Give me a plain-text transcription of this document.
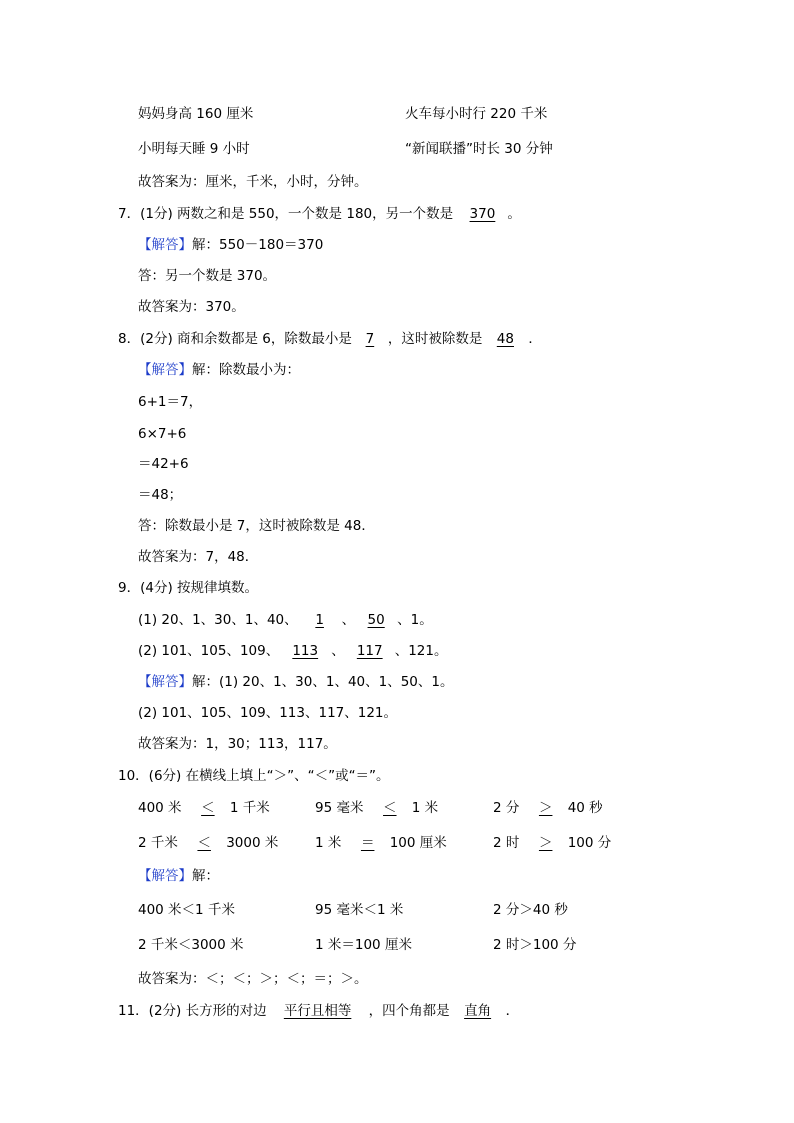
妈妈身高 160 厘米	火车每小时行 220 千米
小明每天睡 9 小时	“新闻联播”时长 30 分钟
故答案为：厘米，千米，小时，分钟。
7．(1分) 两数之和是 550，一个数是 180，另一个数是 370 。
【解答】解：550－180＝370
答：另一个数是 370。
故答案为：370。
8．(2分) 商和余数都是 6，除数最小是 7 ，这时被除数是 48 ．
【解答】解：除数最小为：
6+1＝7，
6×7+6
＝42+6
＝48；
答：除数最小是 7，这时被除数是 48．
故答案为：7，48．
9．(4分) 按规律填数。
(1) 20、1、30、1、40、 1 、 50 、1。
(2) 101、105、109、 113 、 117 、121。
【解答】解：(1) 20、1、30、1、40、1、50、1。
(2) 101、105、109、113、117、121。
故答案为：1，30；113，117。
10．(6分) 在横线上填上“＞”、“＜”或“＝”。
400 米 ＜ 1 千米	95 毫米 ＜ 1 米	2 分 ＞ 40 秒
2 千米 ＜ 3000 米	1 米 ＝ 100 厘米	2 时 ＞ 100 分
【解答】解：
400 米＜1 千米	95 毫米＜1 米	2 分＞40 秒
2 千米＜3000 米	1 米＝100 厘米	2 时＞100 分
故答案为：＜；＜；＞；＜；＝；＞。
11．(2分) 长方形的对边 平行且相等 ，四个角都是 直角 ．
